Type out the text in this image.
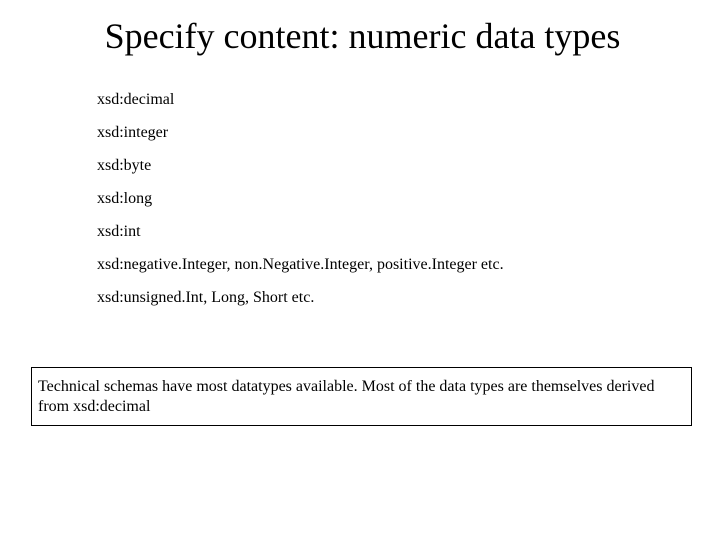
Specify content: numeric data types
xsd:decimal
xsd:integer
xsd:byte
xsd:long
xsd:int
xsd:negative.Integer, non.Negative.Integer, positive.Integer etc.
xsd:unsigned.Int, Long, Short etc.
Technical schemas have most datatypes available. Most of the data types are themselves derived from xsd:decimal
